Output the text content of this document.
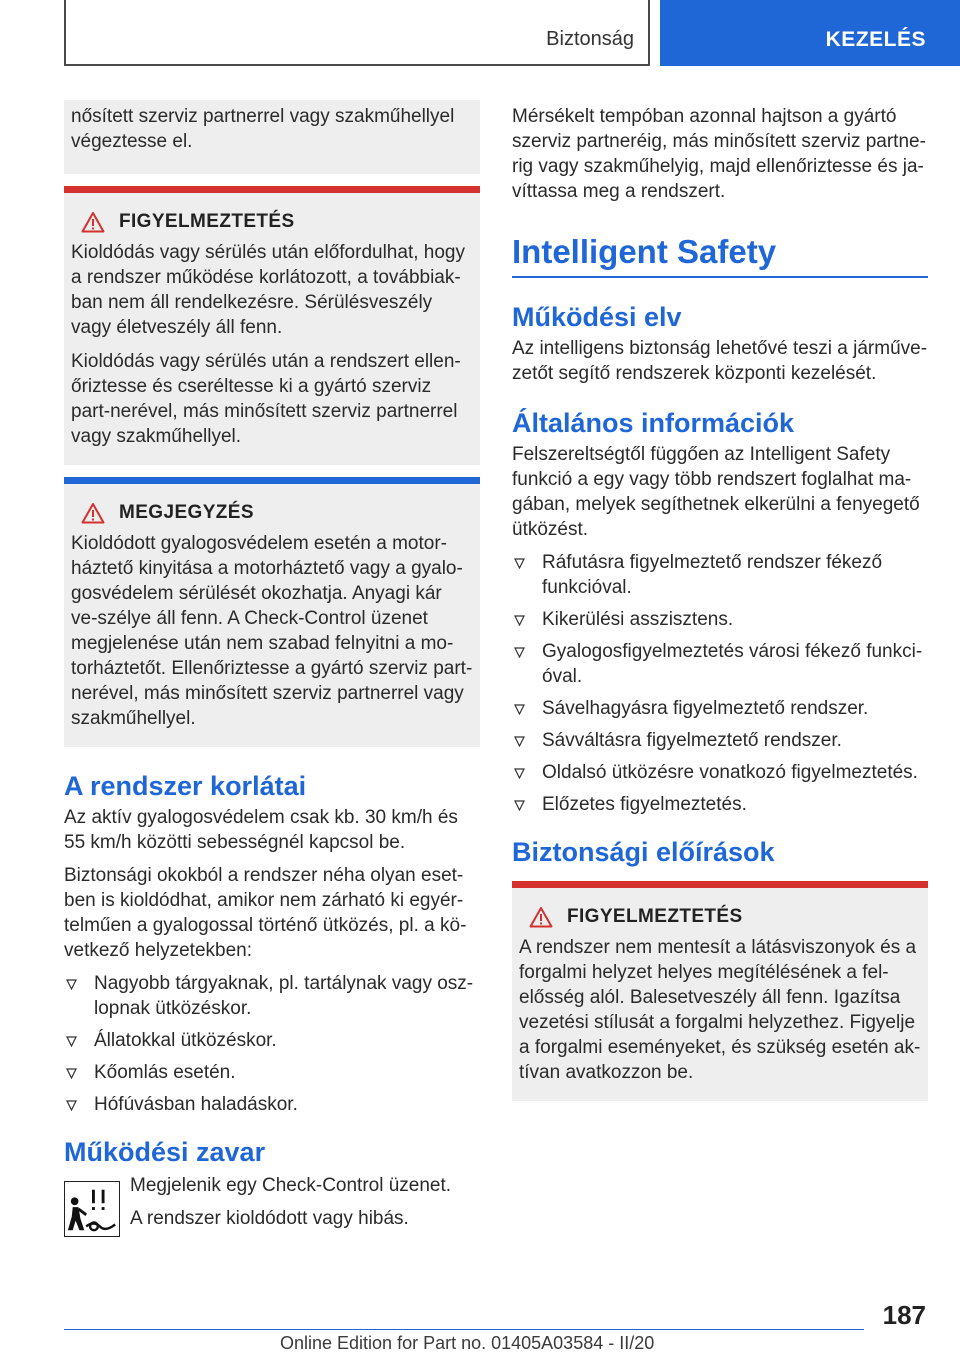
Biztonság	KEZELÉS

nősített szerviz partnerrel vagy szakműhellyel végeztesse el.

FIGYELMEZTETÉS

Kioldódás vagy sérülés után előfordulhat, hogy a rendszer működése korlátozott, a továbbiak-ban nem áll rendelkezésre. Sérülésveszély vagy életveszély áll fenn.

Kioldódás vagy sérülés után a rendszert ellen-őriztesse és cseréltesse ki a gyártó szerviz part-nerével, más minősített szerviz partnerrel vagy szakműhellyel.

MEGJEGYZÉS

Kioldódott gyalogosvédelem esetén a motor-háztető kinyitása a motorháztető vagy a gyalo-gosvédelem sérülését okozhatja. Anyagi kár ve-szélye áll fenn. A Check-Control üzenet megjelenése után nem szabad felnyitni a mo-torháztetőt. Ellenőriztesse a gyártó szerviz part-nerével, más minősített szerviz partnerrel vagy szakműhellyel.

A rendszer korlátai

Az aktív gyalogosvédelem csak kb. 30 km/h és 55 km/h közötti sebességnél kapcsol be.

Biztonsági okokból a rendszer néha olyan eset-ben is kioldódhat, amikor nem zárható ki egyér-telműen a gyalogossal történő ütközés, pl. a kö-vetkező helyzetekben:

Nagyobb tárgyaknak, pl. tartálynak vagy osz-lopnak ütközéskor.
Állatokkal ütközéskor.
Kőomlás esetén.
Hófúvásban haladáskor.
Működési zavar

Megjelenik egy Check-Control üzenet.

A rendszer kioldódott vagy hibás.

Mérsékelt tempóban azonnal hajtson a gyártó szerviz partneréig, más minősített szerviz partne-rig vagy szakműhelyig, majd ellenőriztesse és ja-víttassa meg a rendszert.

Intelligent Safety
Működési elv

Az intelligens biztonság lehetővé teszi a járműve-zetőt segítő rendszerek központi kezelését.

Általános információk

Felszereltségtől függően az Intelligent Safety funkció a egy vagy több rendszert foglalhat ma-gában, melyek segíthetnek elkerülni a fenyegető ütközést.

Ráfutásra figyelmeztető rendszer fékező funkcióval.
Kikerülési asszisztens.
Gyalogosfigyelmeztetés városi fékező funkci-óval.
Sávelhagyásra figyelmeztető rendszer.
Sávváltásra figyelmeztető rendszer.
Oldalsó ütközésre vonatkozó figyelmeztetés.
Előzetes figyelmeztetés.
Biztonsági előírások
FIGYELMEZTETÉS

A rendszer nem mentesít a látásviszonyok és a forgalmi helyzet helyes megítélésének a fel-elősség alól. Balesetveszély áll fenn. Igazítsa vezetési stílusát a forgalmi helyzethez. Figyelje a forgalmi eseményeket, és szükség esetén ak-tívan avatkozzon be.

187
Online Edition for Part no. 01405A03584 - II/20
